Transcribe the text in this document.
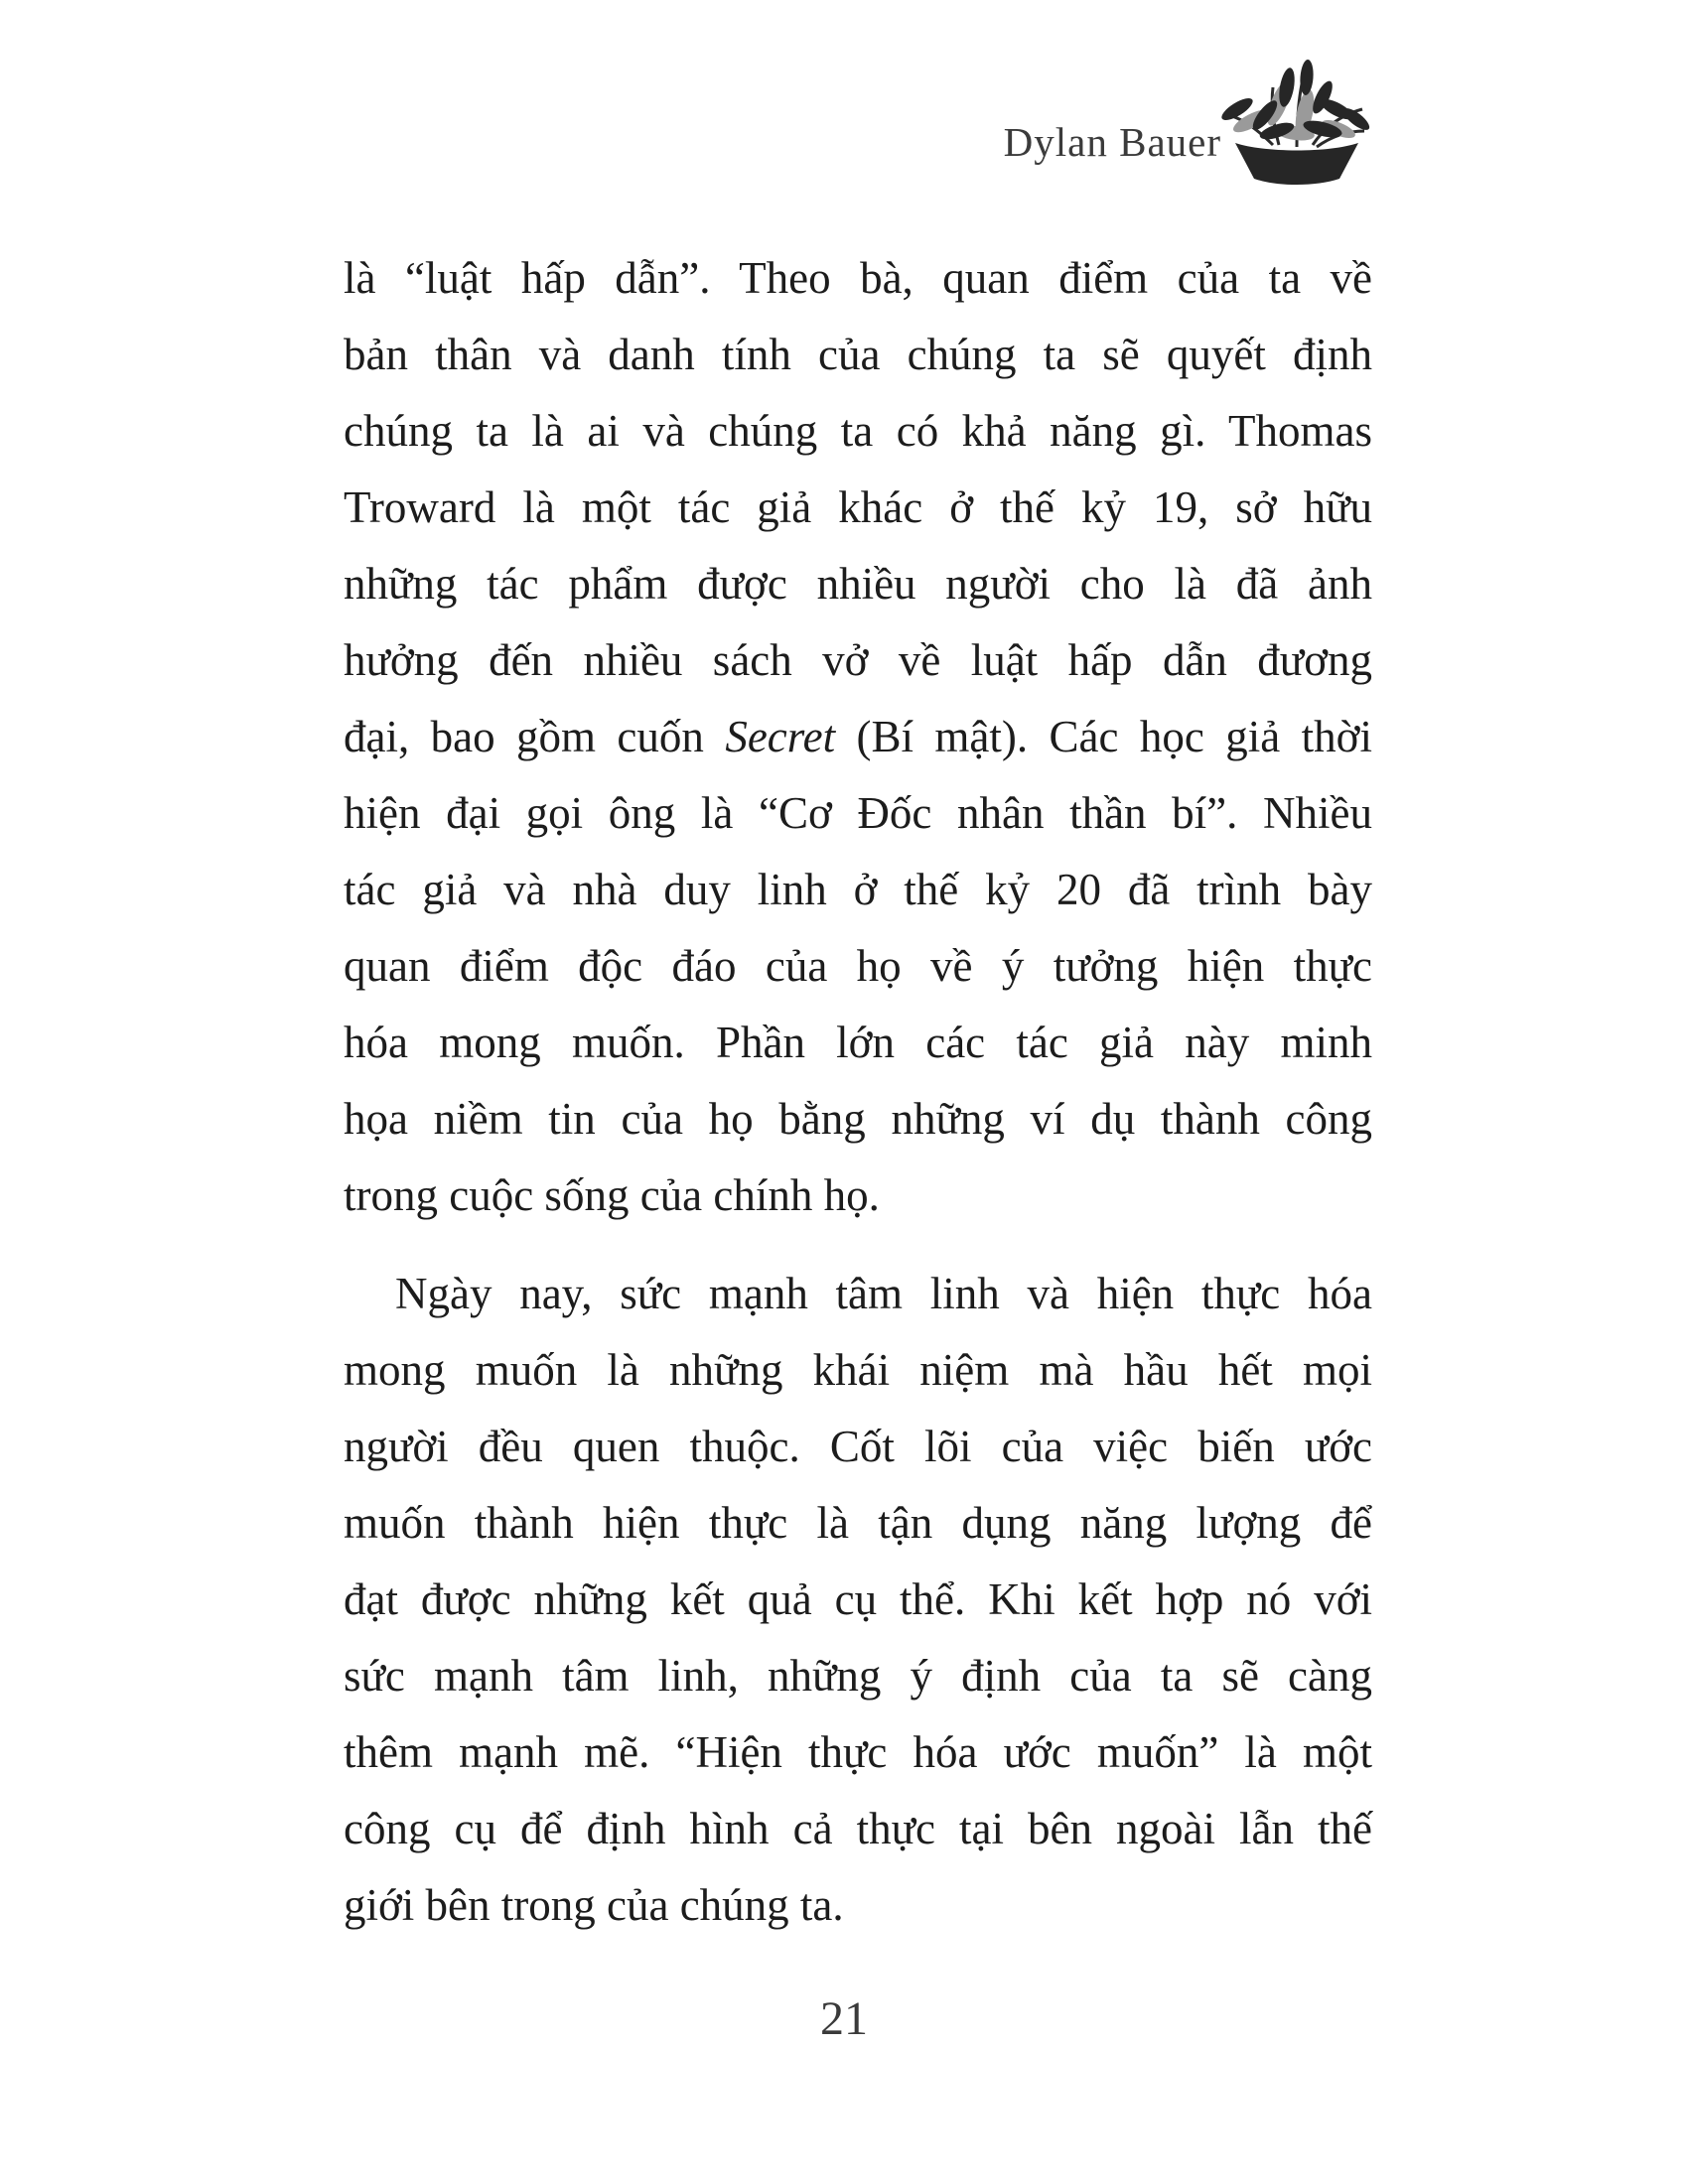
Dylan Bauer
là “luật hấp dẫn”. Theo bà, quan điểm của ta về
bản thân và danh tính của chúng ta sẽ quyết định
chúng ta là ai và chúng ta có khả năng gì. Thomas
Troward là một tác giả khác ở thế kỷ 19, sở hữu
những tác phẩm được nhiều người cho là đã ảnh
hưởng đến nhiều sách vở về luật hấp dẫn đương
đại, bao gồm cuốn Secret (Bí mật). Các học giả thời
hiện đại gọi ông là “Cơ Đốc nhân thần bí”. Nhiều
tác giả và nhà duy linh ở thế kỷ 20 đã trình bày
quan điểm độc đáo của họ về ý tưởng hiện thực
hóa mong muốn. Phần lớn các tác giả này minh
họa niềm tin của họ bằng những ví dụ thành công
trong cuộc sống của chính họ.
Ngày nay, sức mạnh tâm linh và hiện thực hóa
mong muốn là những khái niệm mà hầu hết mọi
người đều quen thuộc. Cốt lõi của việc biến ước
muốn thành hiện thực là tận dụng năng lượng để
đạt được những kết quả cụ thể. Khi kết hợp nó với
sức mạnh tâm linh, những ý định của ta sẽ càng
thêm mạnh mẽ. “Hiện thực hóa ước muốn” là một
công cụ để định hình cả thực tại bên ngoài lẫn thế
giới bên trong của chúng ta.
21
